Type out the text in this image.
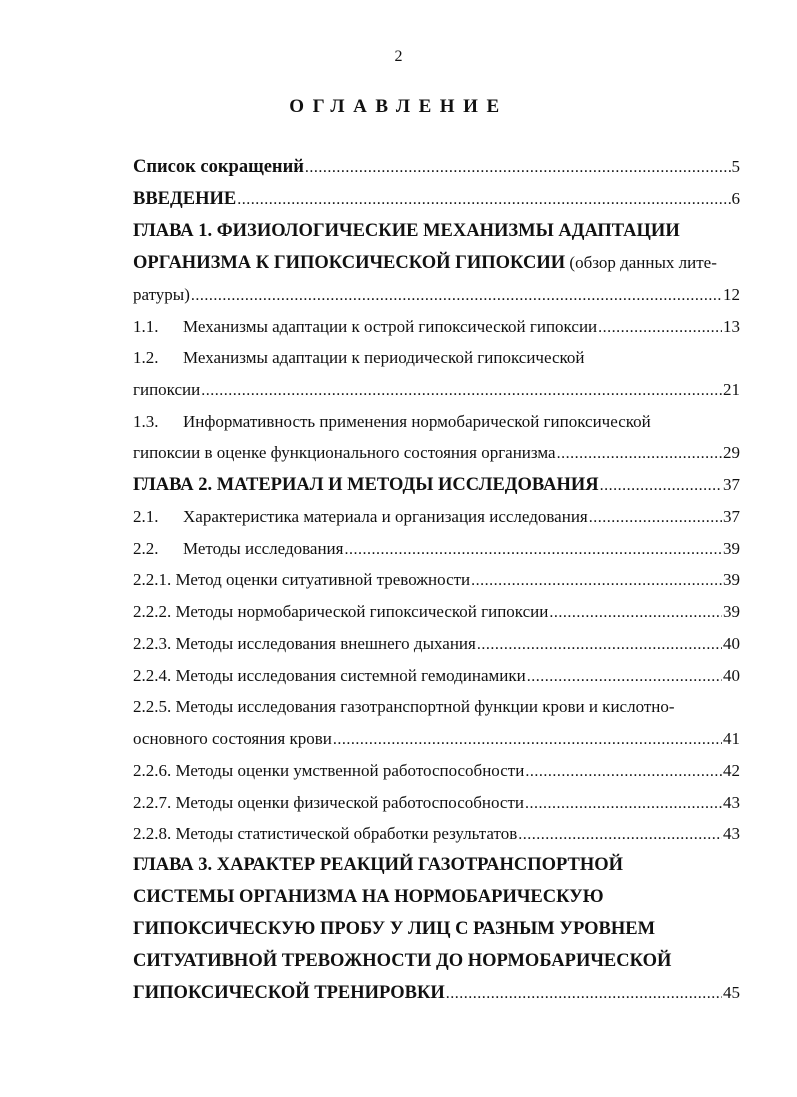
2
ОГЛАВЛЕНИЕ
Список сокращений .....	5
ВВЕДЕНИЕ .....	6
ГЛАВА 1. ФИЗИОЛОГИЧЕСКИЕ МЕХАНИЗМЫ АДАПТАЦИИ
ОРГАНИЗМА К ГИПОКСИЧЕСКОЙ ГИПОКСИИ (обзор данных лите-
ратуры) .....	12
1.1. Механизмы адаптации к острой гипоксической гипоксии .....	13
1.2. Механизмы адаптации к периодической гипоксической
гипоксии .....	21
1.3. Информативность применения нормобарической гипоксической
гипоксии в оценке функционального состояния организма .....	29
ГЛАВА 2. МАТЕРИАЛ И МЕТОДЫ ИССЛЕДОВАНИЯ .....	37
2.1. Характеристика материала и организация исследования .....	37
2.2. Методы исследования .....	39
2.2.1. Метод оценки ситуативной тревожности .....	39
2.2.2. Методы нормобарической гипоксической гипоксии .....	39
2.2.3. Методы исследования внешнего дыхания .....	40
2.2.4. Методы исследования системной гемодинамики .....	40
2.2.5. Методы исследования газотранспортной функции крови и кислотно-
основного состояния крови .....	41
2.2.6. Методы оценки умственной работоспособности .....	42
2.2.7. Методы оценки физической работоспособности .....	43
2.2.8. Методы статистической обработки результатов .....	43
ГЛАВА 3. ХАРАКТЕР РЕАКЦИЙ ГАЗОТРАНСПОРТНОЙ
СИСТЕМЫ ОРГАНИЗМА НА НОРМОБАРИЧЕСКУЮ
ГИПОКСИЧЕСКУЮ ПРОБУ У ЛИЦ С РАЗНЫМ УРОВНЕМ
СИТУАТИВНОЙ ТРЕВОЖНОСТИ ДО НОРМОБАРИЧЕСКОЙ
ГИПОКСИЧЕСКОЙ ТРЕНИРОВКИ .....	45
